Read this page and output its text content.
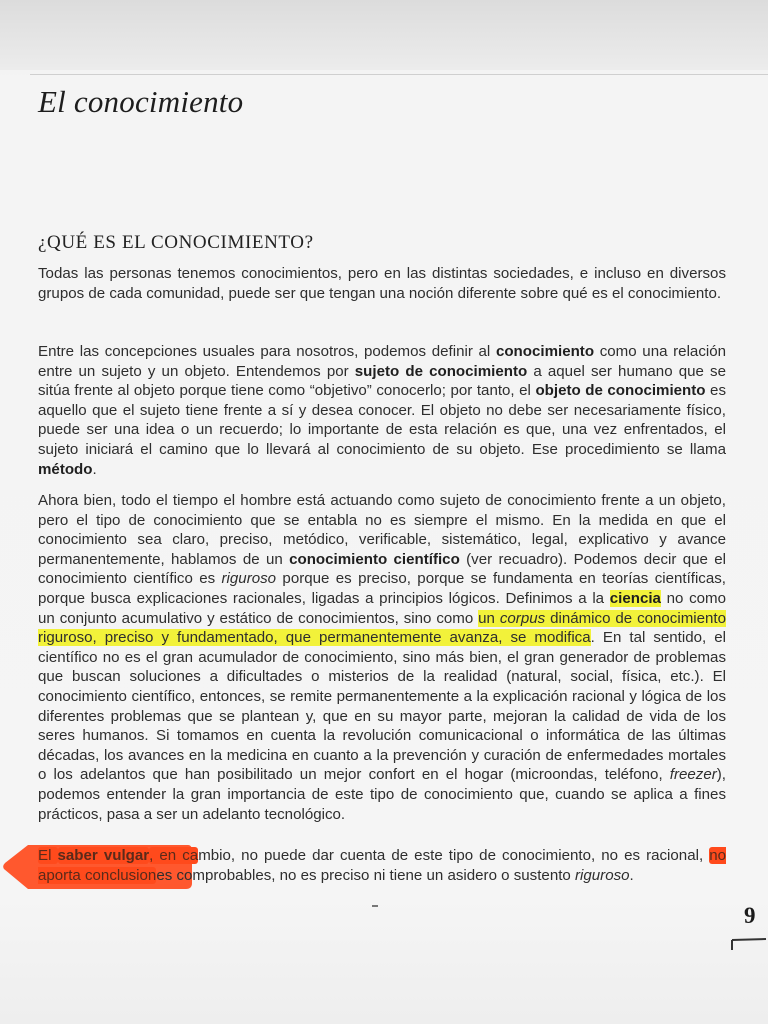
El conocimiento
¿QUÉ ES EL CONOCIMIENTO?

Todas las personas tenemos conocimientos, pero en las distintas sociedades, e incluso en diversos grupos de cada comunidad, puede ser que tengan una noción diferente sobre qué es el conocimiento.

Entre las concepciones usuales para nosotros, podemos definir al conocimiento como una relación entre un sujeto y un objeto. Entendemos por sujeto de conocimiento a aquel ser humano que se sitúa frente al objeto porque tiene como “objetivo” conocerlo; por tanto, el objeto de conocimiento es aquello que el sujeto tiene frente a sí y desea conocer. El objeto no debe ser necesariamente físico, puede ser una idea o un recuerdo; lo importante de esta relación es que, una vez enfrentados, el sujeto iniciará el camino que lo llevará al conocimiento de su objeto. Ese procedimiento se llama método.

Ahora bien, todo el tiempo el hombre está actuando como sujeto de conocimiento frente a un objeto, pero el tipo de conocimiento que se entabla no es siempre el mismo. En la medida en que el conocimiento sea claro, preciso, metódico, verificable, sistemático, legal, explicativo y avance permanentemente, hablamos de un conocimiento científico (ver recuadro). Podemos decir que el conocimiento científico es riguroso porque es preciso, porque se fundamenta en teorías científicas, porque busca explicaciones racionales, ligadas a principios lógicos. Definimos a la ciencia no como un conjunto acumulativo y estático de conocimientos, sino como un corpus dinámico de conocimiento riguroso, preciso y fundamentado, que permanentemente avanza, se modifica. En tal sentido, el científico no es el gran acumulador de conocimiento, sino más bien, el gran generador de problemas que buscan soluciones a dificultades o misterios de la realidad (natural, social, física, etc.). El conocimiento científico, entonces, se remite permanentemente a la explicación racional y lógica de los diferentes problemas que se plantean y, que en su mayor parte, mejoran la calidad de vida de los seres humanos. Si tomamos en cuenta la revolución comunicacional o informática de las últimas décadas, los avances en la medicina en cuanto a la prevención y curación de enfermedades mortales o los adelantos que han posibilitado un mejor confort en el hogar (microondas, teléfono, freezer), podemos entender la gran importancia de este tipo de conocimiento que, cuando se aplica a fines prácticos, pasa a ser un adelanto tecnológico.

El saber vulgar, en cambio, no puede dar cuenta de este tipo de conocimiento, no es racional, no aporta conclusiones comprobables, no es preciso ni tiene un asidero o sustento riguroso.

9
